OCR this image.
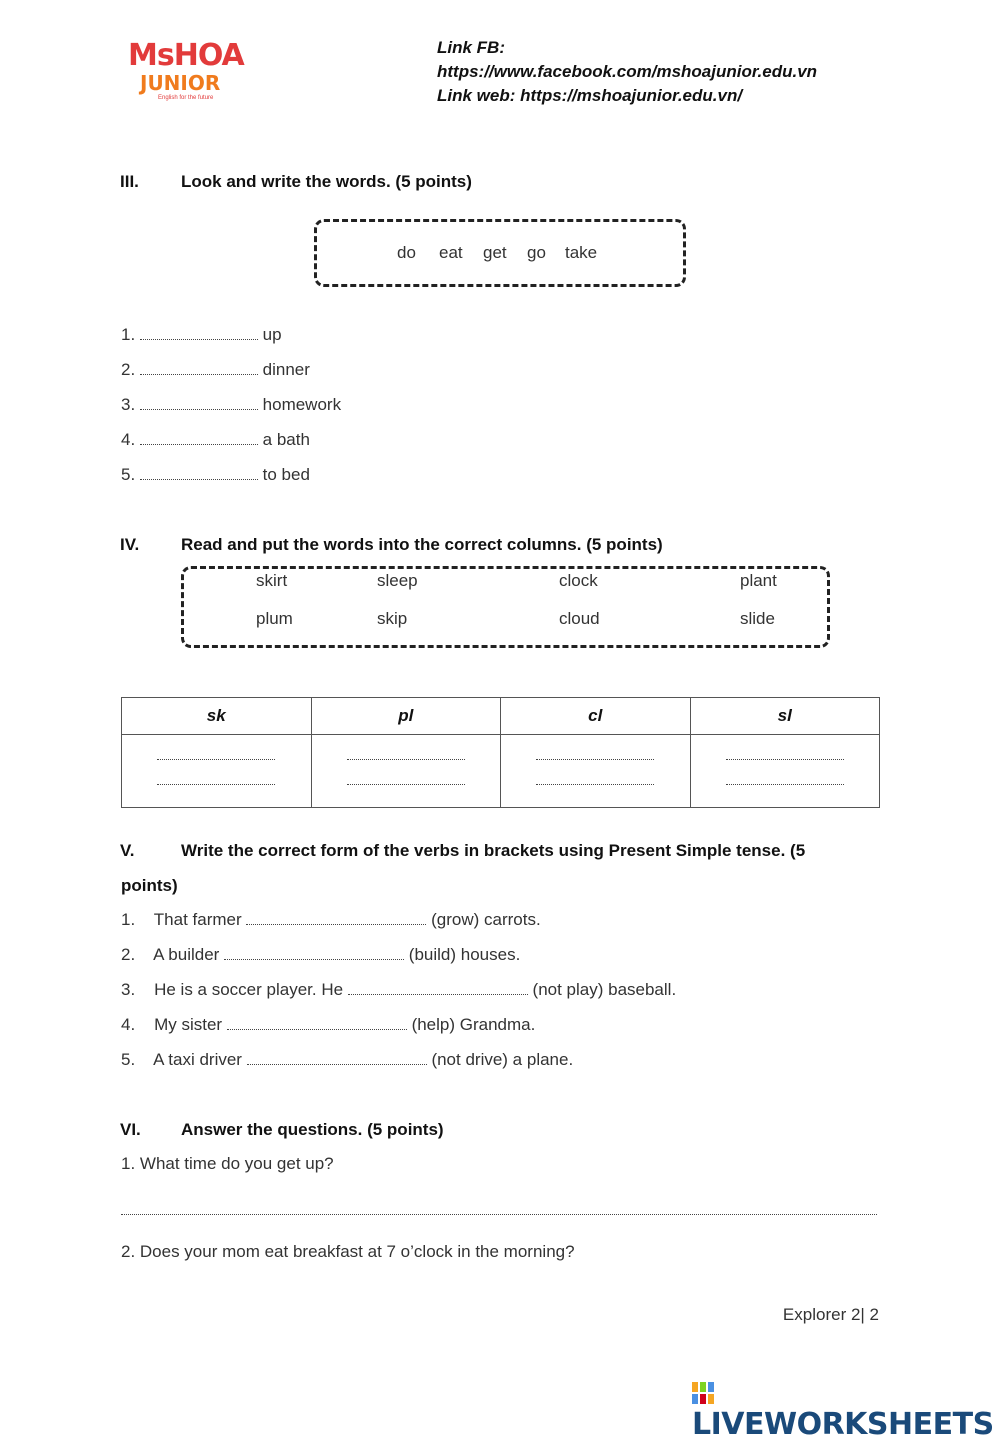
MsHOA
JUNIOR
English for the future
Link FB:
https://www.facebook.com/mshoajunior.edu.vn
Link web: https://mshoajunior.edu.vn/
III. Look and write the words. (5 points)
do eat get go take
1.	up
2.	dinner
3.	homework
4.	a bath
5.	to bed
IV. Read and put the words into the correct columns. (5 points)
skirt	sleep	clock	plant
plum	skip	cloud	slide
sk	pl	cl	sl

V.	Write the correct form of the verbs in brackets using Present Simple tense. (5
points)
1. That farmer	(grow) carrots.
2. A builder	(build) houses.
3. He is a soccer player. He	(not play) baseball.
4. My sister	(help) Grandma.
5. A taxi driver	(not drive) a plane.
VI. Answer the questions. (5 points)
1. What time do you get up?
2. Does your mom eat breakfast at 7 o’clock in the morning?
Explorer 2| 2
LIVEWORKSHEETS
